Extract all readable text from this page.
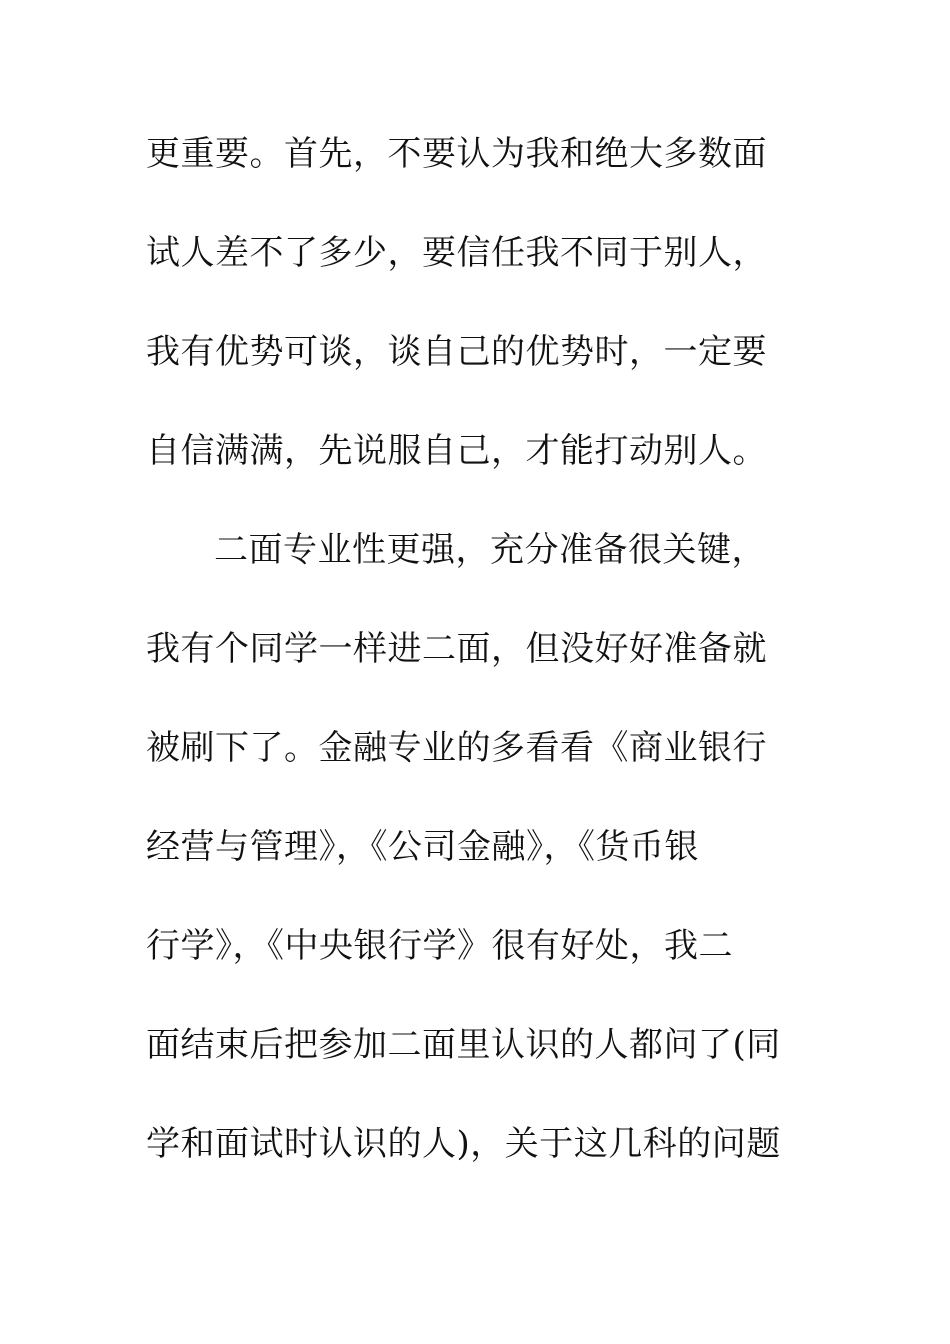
更重要。首先，不要认为我和绝大多数面
试人差不了多少，要信任我不同于别人，
我有优势可谈，谈自己的优势时，一定要
自信满满，先说服自己，才能打动别人。
二面专业性更强，充分准备很关键，
我有个同学一样进二面，但没好好准备就
被刷下了。金融专业的多看看《商业银行
经营与管理》，《公司金融》，《货币银
行学》，《中央银行学》很有好处，我二
面结束后把参加二面里认识的人都问了(同
学和面试时认识的人)，关于这几科的问题
